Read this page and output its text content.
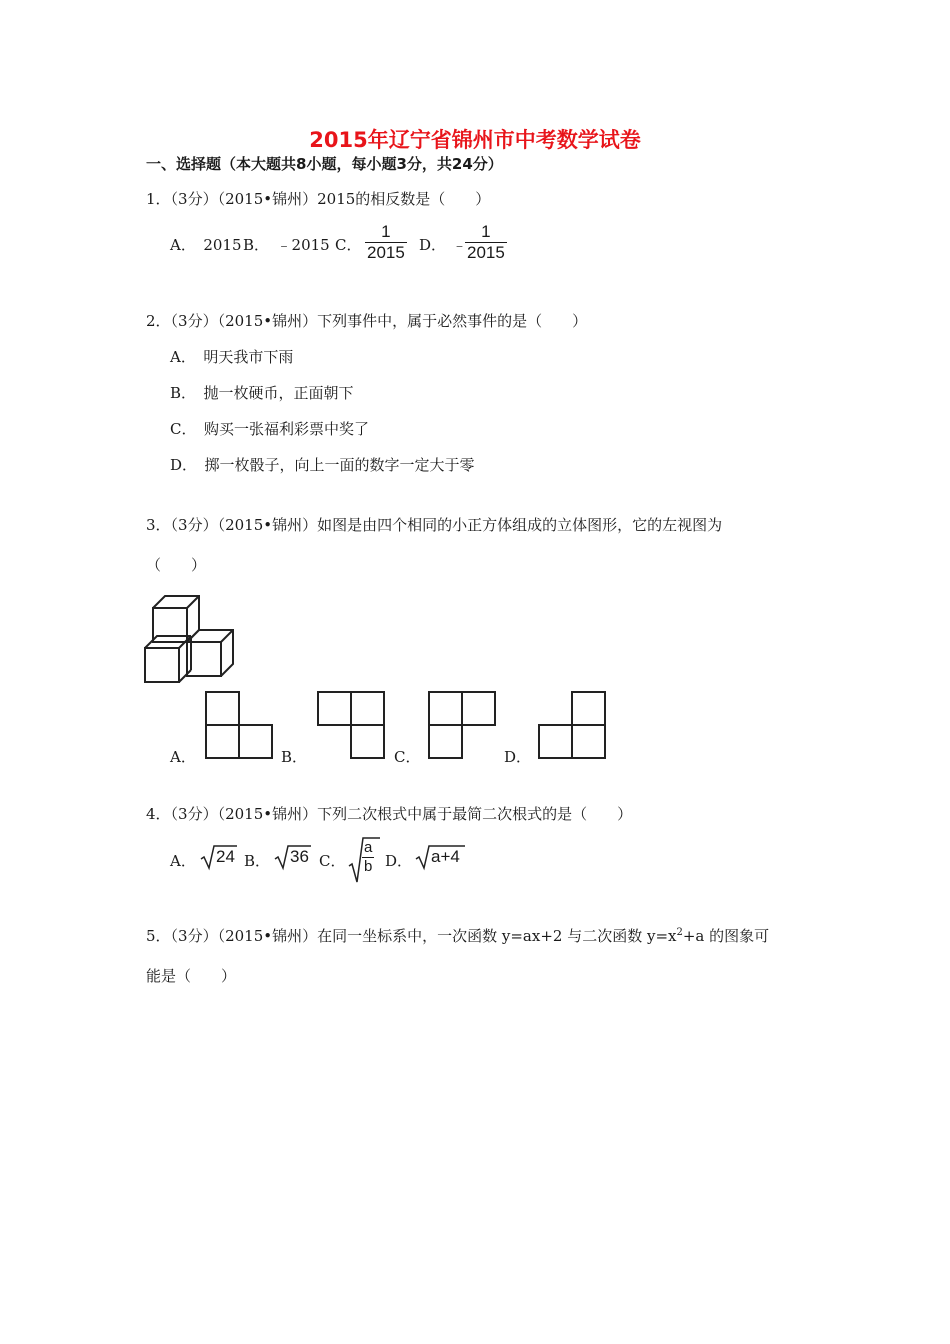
2015年辽宁省锦州市中考数学试卷
一、选择题（本大题共8小题，每小题3分，共24分）
1．（3分）（2015•锦州）2015的相反数是（　　）
A．　2015 B．　﹣2015 C． $\frac{1}{2015}$ D． ﹣
$\frac{1}{2015}$
2．（3分）（2015•锦州）下列事件中，属于必然事件的是（　　）
A．　明天我市下雨
B．　抛一枚硬币，正面朝下
C．　购买一张福利彩票中奖了
D．　掷一枚骰子，向上一面的数字一定大于零
3．（3分）（2015•锦州）如图是由四个相同的小正方体组成的立体图形，它的左视图为
（　　）
A．	B．	C．	D．
4．（3分）（2015•锦州）下列二次根式中属于最简二次根式的是（　　）
A． 24 B． 36 C． $\frac{a}{b}$ D． a+4
5．（3分）（2015•锦州）在同一坐标系中，一次函数 y=ax+2 与二次函数 $y=x^2+a$ 的图象可
能是（　　）
